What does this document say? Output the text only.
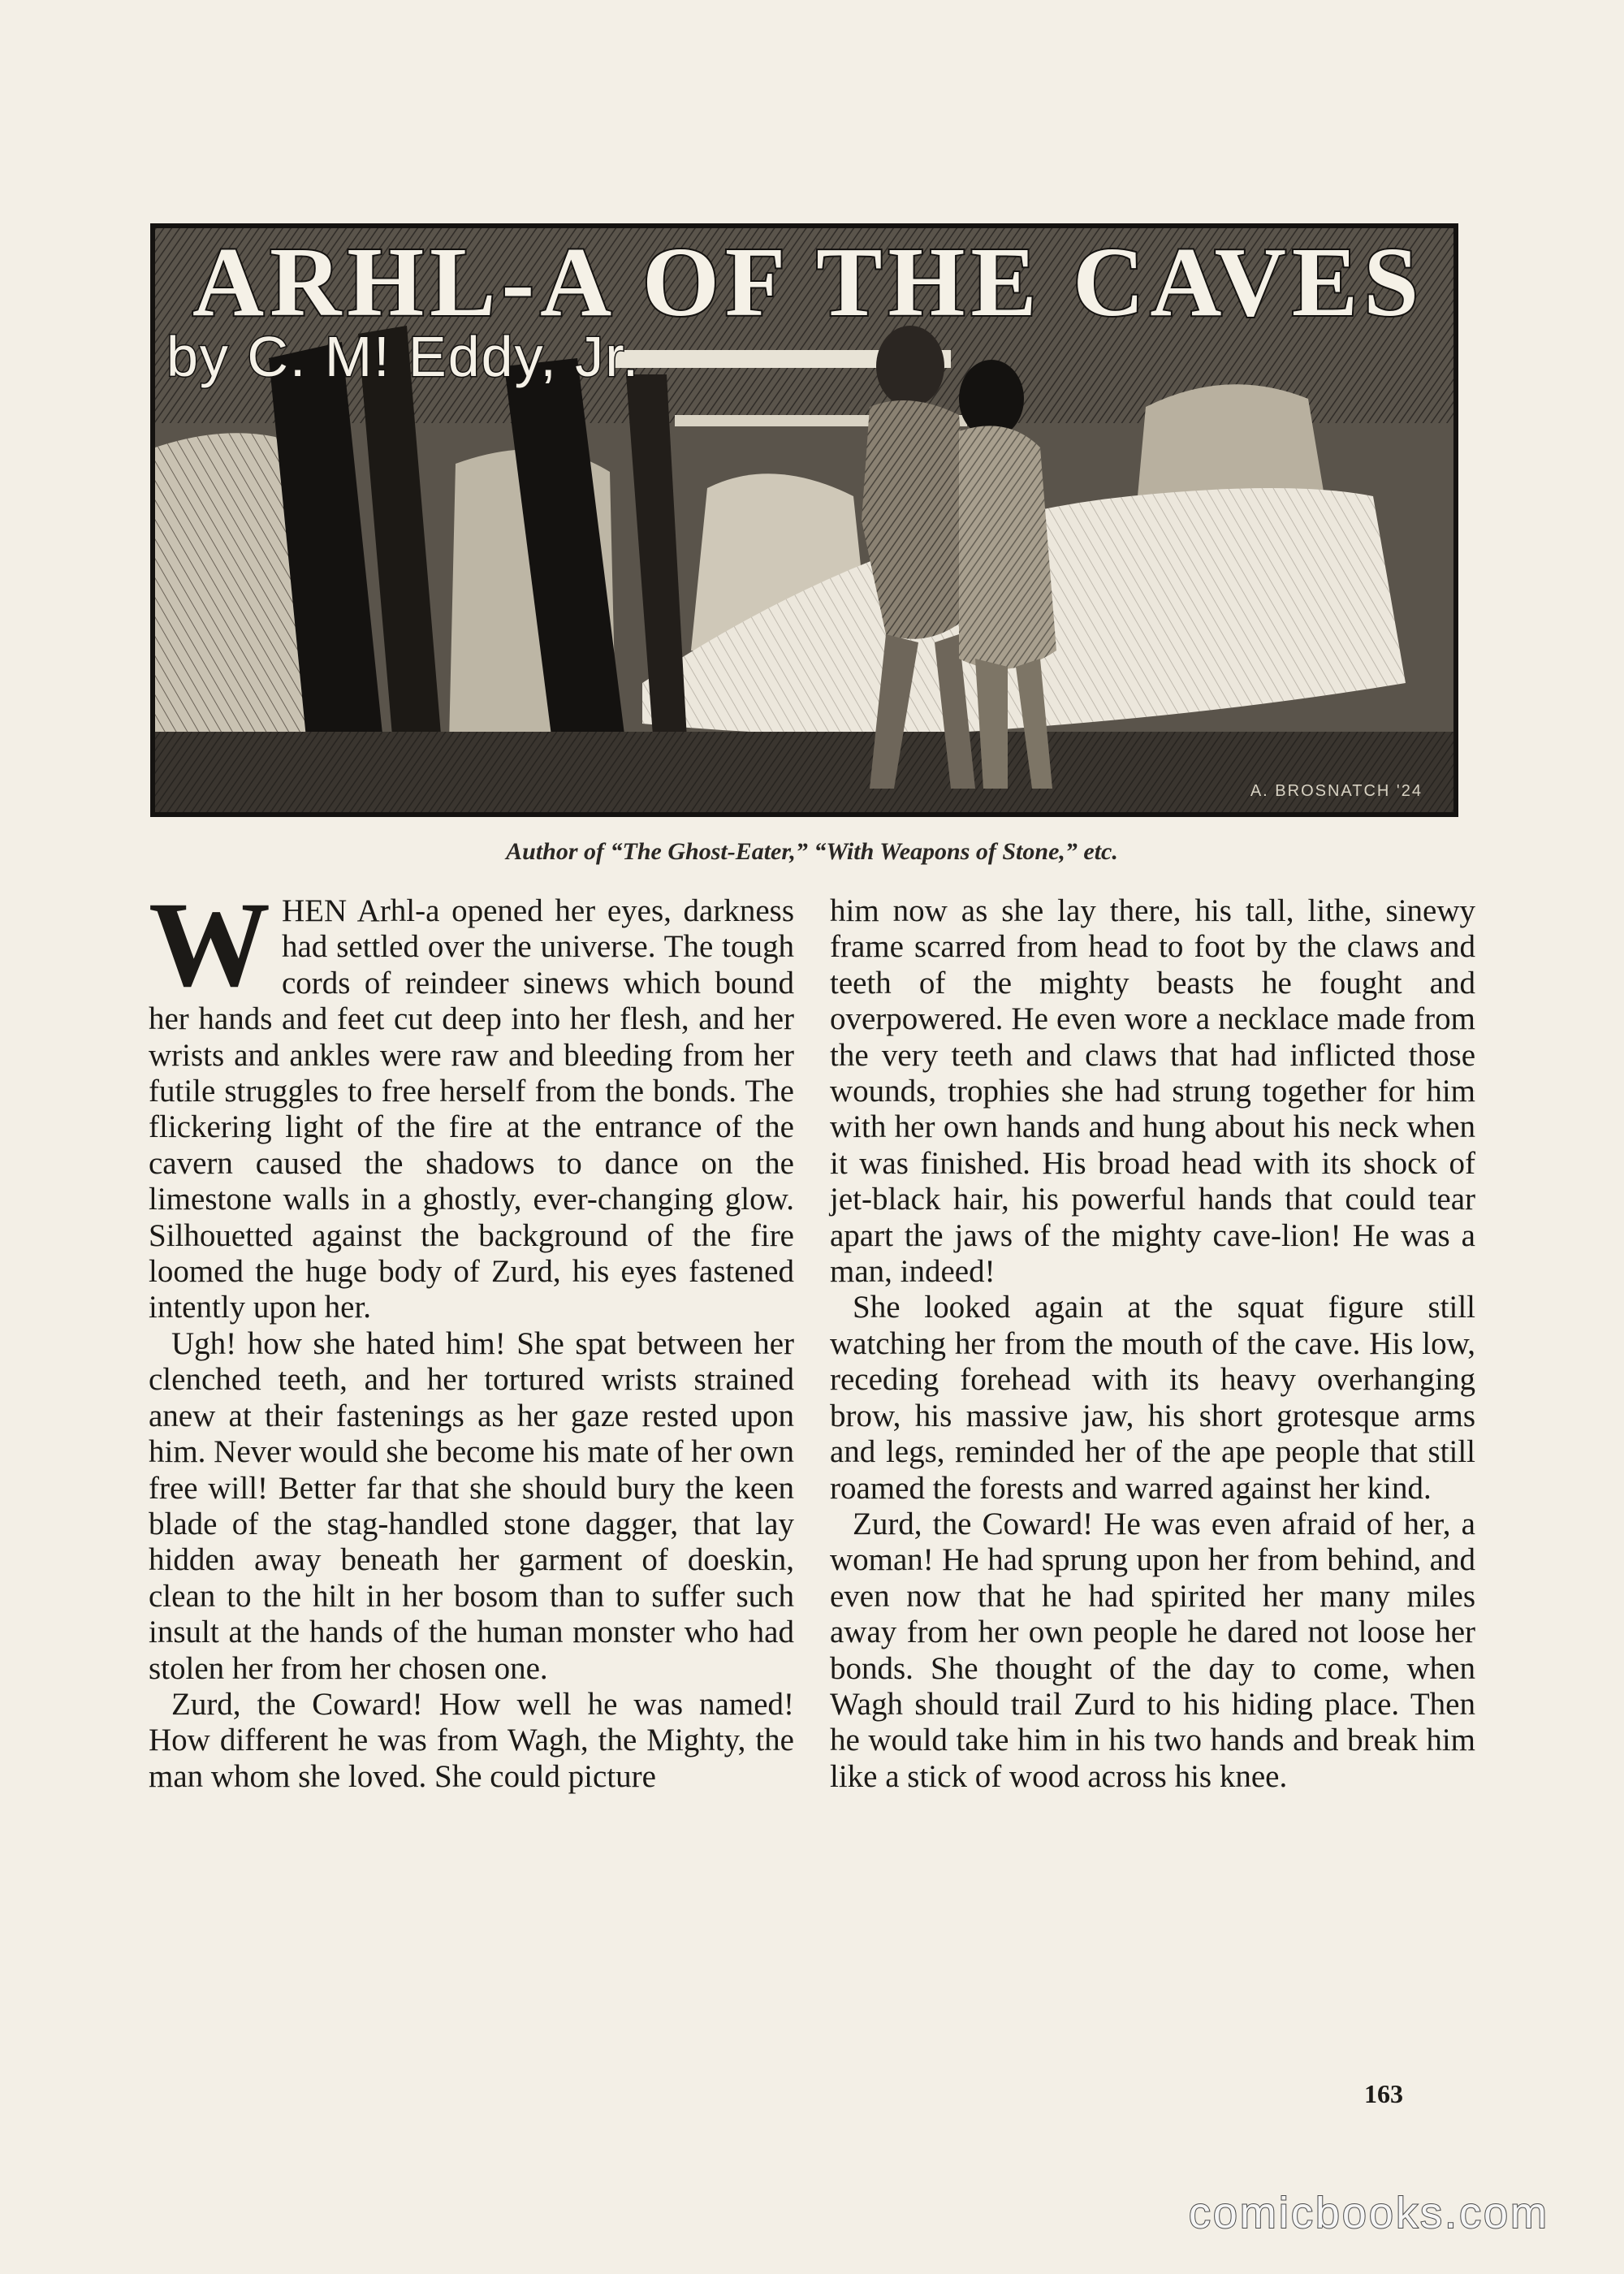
ARHL-A OF THE CAVES

by C. M! Eddy, Jr.

A. BROSNATCH '24
Author of “The Ghost-Eater,” “With Weapons of Stone,” etc.

WHEN Arhl-a opened her eyes, darkness had settled over the universe. The tough cords of reindeer sinews which bound her hands and feet cut deep into her flesh, and her wrists and ankles were raw and bleeding from her futile struggles to free herself from the bonds. The flickering light of the fire at the entrance of the cavern caused the shadows to dance on the limestone walls in a ghostly, ever-changing glow. Silhouetted against the background of the fire loomed the huge body of Zurd, his eyes fastened intently upon her.

Ugh! how she hated him! She spat between her clenched teeth, and her tortured wrists strained anew at their fastenings as her gaze rested upon him. Never would she become his mate of her own free will! Better far that she should bury the keen blade of the stag-handled stone dagger, that lay hidden away beneath her garment of doeskin, clean to the hilt in her bosom than to suffer such insult at the hands of the human monster who had stolen her from her chosen one.

Zurd, the Coward! How well he was named! How different he was from Wagh, the Mighty, the man whom she loved. She could picture

him now as she lay there, his tall, lithe, sinewy frame scarred from head to foot by the claws and teeth of the mighty beasts he fought and overpowered. He even wore a necklace made from the very teeth and claws that had inflicted those wounds, trophies she had strung together for him with her own hands and hung about his neck when it was finished. His broad head with its shock of jet-black hair, his powerful hands that could tear apart the jaws of the mighty cave-lion! He was a man, indeed!

She looked again at the squat figure still watching her from the mouth of the cave. His low, receding forehead with its heavy overhanging brow, his massive jaw, his short grotesque arms and legs, reminded her of the ape people that still roamed the forests and warred against her kind.

Zurd, the Coward! He was even afraid of her, a woman! He had sprung upon her from behind, and even now that he had spirited her many miles away from her own people he dared not loose her bonds. She thought of the day to come, when Wagh should trail Zurd to his hiding place. Then he would take him in his two hands and break him like a stick of wood across his knee.

163
comicbooks.com
